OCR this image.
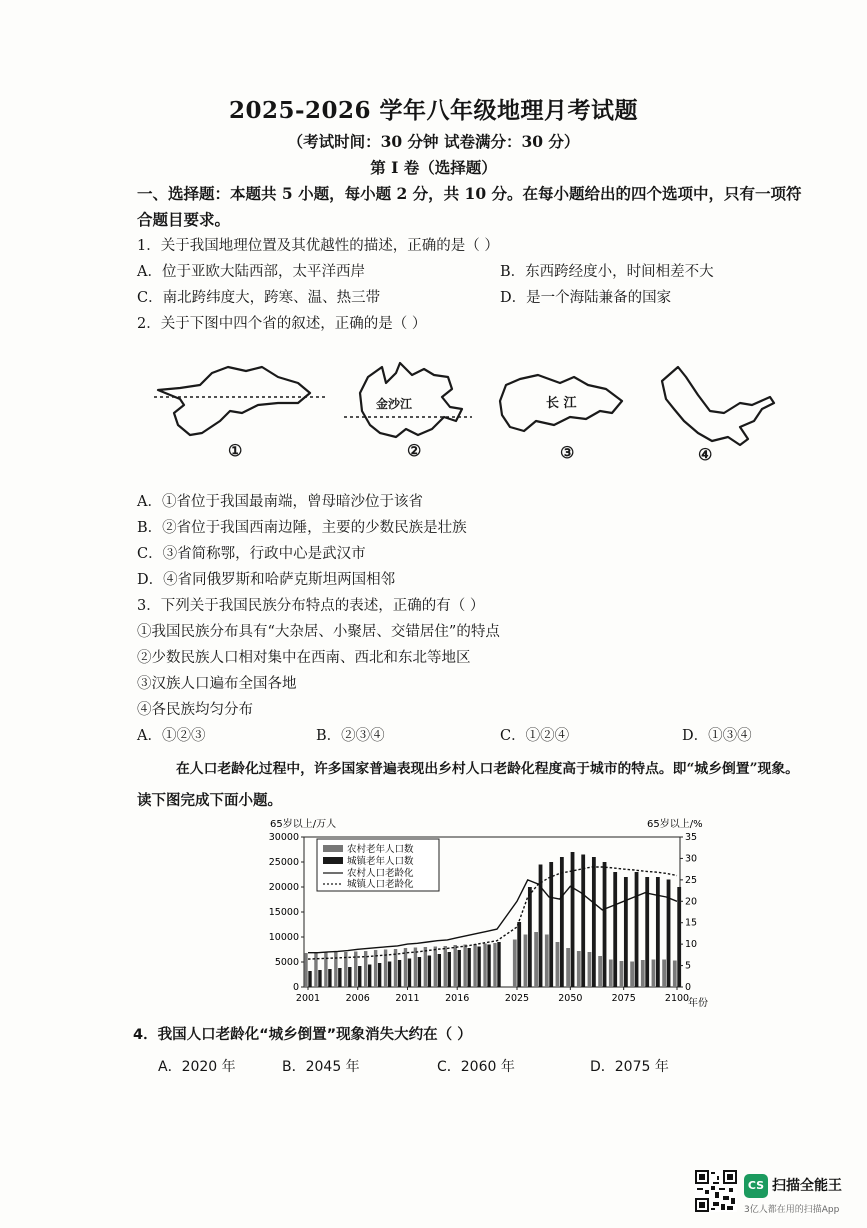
2025-2026 学年八年级地理月考试题
（考试时间：30 分钟 试卷满分：30 分）
第 I 卷（选择题）
一、选择题：本题共 5 小题，每小题 2 分，共 10 分。在每小题给出的四个选项中，只有一项符
合题目要求。
1．关于我国地理位置及其优越性的描述，正确的是（ ）
A．位于亚欧大陆西部，太平洋西岸	B．东西跨经度小，时间相差不大
C．南北跨纬度大，跨寒、温、热三带	D．是一个海陆兼备的国家
2．关于下图中四个省的叙述，正确的是（ ）
金沙江	长 江
①	②	③	④
A．①省位于我国最南端，曾母暗沙位于该省
B．②省位于我国西南边陲，主要的少数民族是壮族
C．③省简称鄂，行政中心是武汉市
D．④省同俄罗斯和哈萨克斯坦两国相邻
3．下列关于我国民族分布特点的表述，正确的有（ ）
①我国民族分布具有“大杂居、小聚居、交错居住”的特点
②少数民族人口相对集中在西南、西北和东北等地区
③汉族人口遍布全国各地
④各民族均匀分布
A．①②③	B．②③④	C．①②④	D．①③④
在人口老龄化过程中，许多国家普遍表现出乡村人口老龄化程度高于城市的特点。即“城乡倒置”现象。
读下图完成下面小题。
65岁以上/万人	65岁以上/%
年份
0
5000
10000
15000
20000
25000
30000
0
5
10
15
20
25
30
35
2001	2006	2011	2016	2025	2050	2075	2100
农村老年人口数
城镇老年人口数
农村人口老龄化
城镇人口老龄化
4．我国人口老龄化“城乡倒置”现象消失大约在（ ）
A．2020 年	B．2045 年	C．2060 年	D．2075 年
CS 扫描全能王
3亿人都在用的扫描App
